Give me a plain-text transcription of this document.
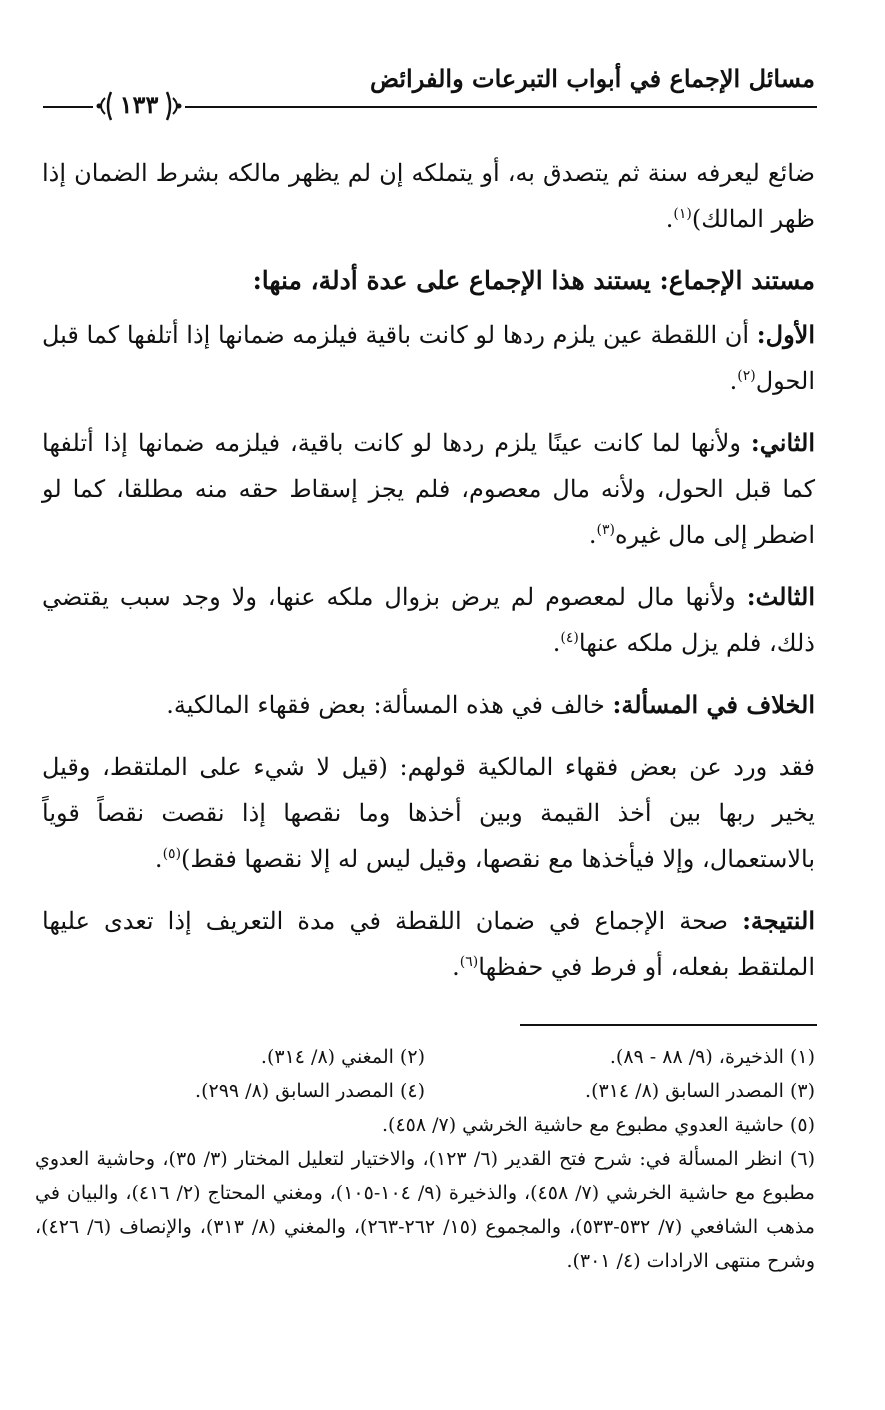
مسائل الإجماع في أبواب التبرعات والفرائض
١٣٣

ضائع ليعرفه سنة ثم يتصدق به، أو يتملكه إن لم يظهر مالكه بشرط الضمان إذا ظهر المالك)$^{(١)}$.

مستند الإجماع: يستند هذا الإجماع على عدة أدلة، منها:

الأول: أن اللقطة عين يلزم ردها لو كانت باقية فيلزمه ضمانها إذا أتلفها كما قبل الحول$^{(٢)}$.

الثاني: ولأنها لما كانت عينًا يلزم ردها لو كانت باقية، فيلزمه ضمانها إذا أتلفها كما قبل الحول، ولأنه مال معصوم، فلم يجز إسقاط حقه منه مطلقا، كما لو اضطر إلى مال غيره$^{(٣)}$.

الثالث: ولأنها مال لمعصوم لم يرض بزوال ملكه عنها، ولا وجد سبب يقتضي ذلك، فلم يزل ملكه عنها$^{(٤)}$.

الخلاف في المسألة: خالف في هذه المسألة: بعض فقهاء المالكية.

فقد ورد عن بعض فقهاء المالكية قولهم: (قيل لا شيء على الملتقط، وقيل يخير ربها بين أخذ القيمة وبين أخذها وما نقصها إذا نقصت نقصاً قوياً بالاستعمال، وإلا فيأخذها مع نقصها، وقيل ليس له إلا نقصها فقط)$^{(٥)}$.

النتيجة: صحة الإجماع في ضمان اللقطة في مدة التعريف إذا تعدى عليها الملتقط بفعله، أو فرط في حفظها$^{(٦)}$.

(١) الذخيرة، (٩/ ٨٨ - ٨٩).
(٢) المغني (٨/ ٣١٤).
(٣) المصدر السابق (٨/ ٣١٤).
(٤) المصدر السابق (٨/ ٢٩٩).
(٥) حاشية العدوي مطبوع مع حاشية الخرشي (٧/ ٤٥٨).
(٦) انظر المسألة في: شرح فتح القدير (٦/ ١٢٣)، والاختيار لتعليل المختار (٣/ ٣٥)، وحاشية العدوي مطبوع مع حاشية الخرشي (٧/ ٤٥٨)، والذخيرة (٩/ ١٠٤-١٠٥)، ومغني المحتاج (٢/ ٤١٦)، والبيان في مذهب الشافعي (٧/ ٥٣٢-٥٣٣)، والمجموع (١٥/ ٢٦٢-٢٦٣)، والمغني (٨/ ٣١٣)، والإنصاف (٦/ ٤٢٦)، وشرح منتهى الارادات (٤/ ٣٠١).
